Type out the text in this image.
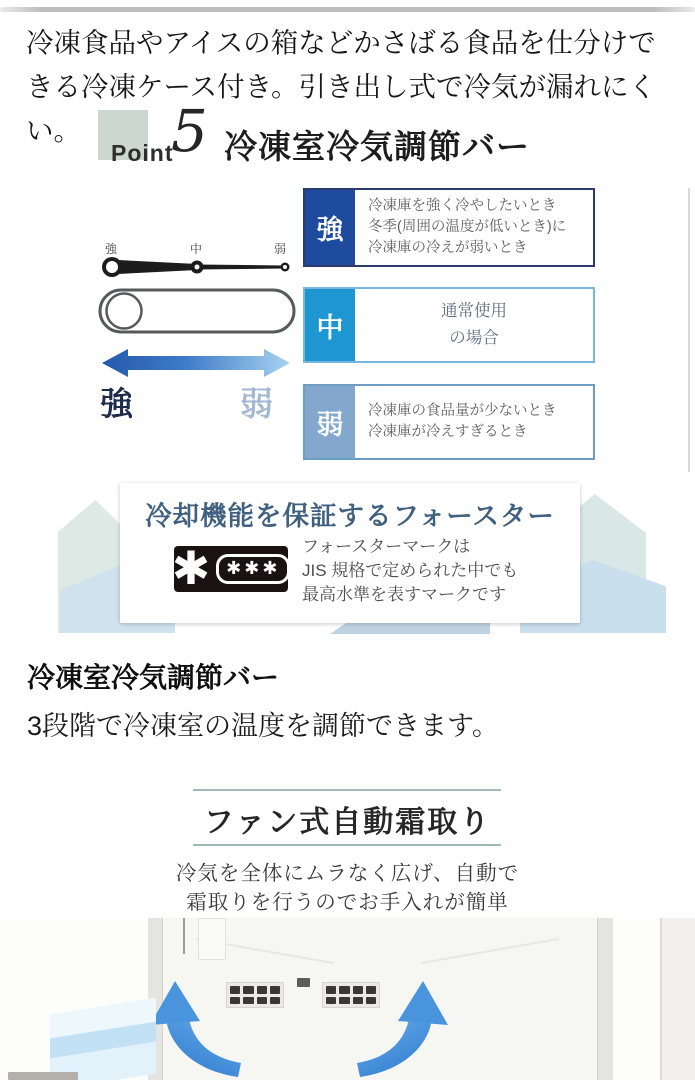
冷凍食品やアイスの箱などかさばる食品を仕分けできる冷凍ケース付き。引き出し式で冷気が漏れにくい。

Point
5 冷凍室冷気調節バー
強	中	弱
強	弱
強
冷凍庫を強く冷やしたいとき
冬季(周囲の温度が低いとき)に
冷凍庫の冷えが弱いとき
中
通常使用
の場合
弱	冷凍庫の食品量が少ないとき
冷凍庫が冷えすぎるとき
冷却機能を保証するフォースター
✱ ✱✱✱
フォースターマークは
JIS 規格で定められた中でも
最高水準を表すマークです
冷凍室冷気調節バー

3段階で冷凍室の温度を調節できます。

ファン式自動霜取り

冷気を全体にムラなく広げ、自動で

霜取りを行うのでお手入れが簡単
